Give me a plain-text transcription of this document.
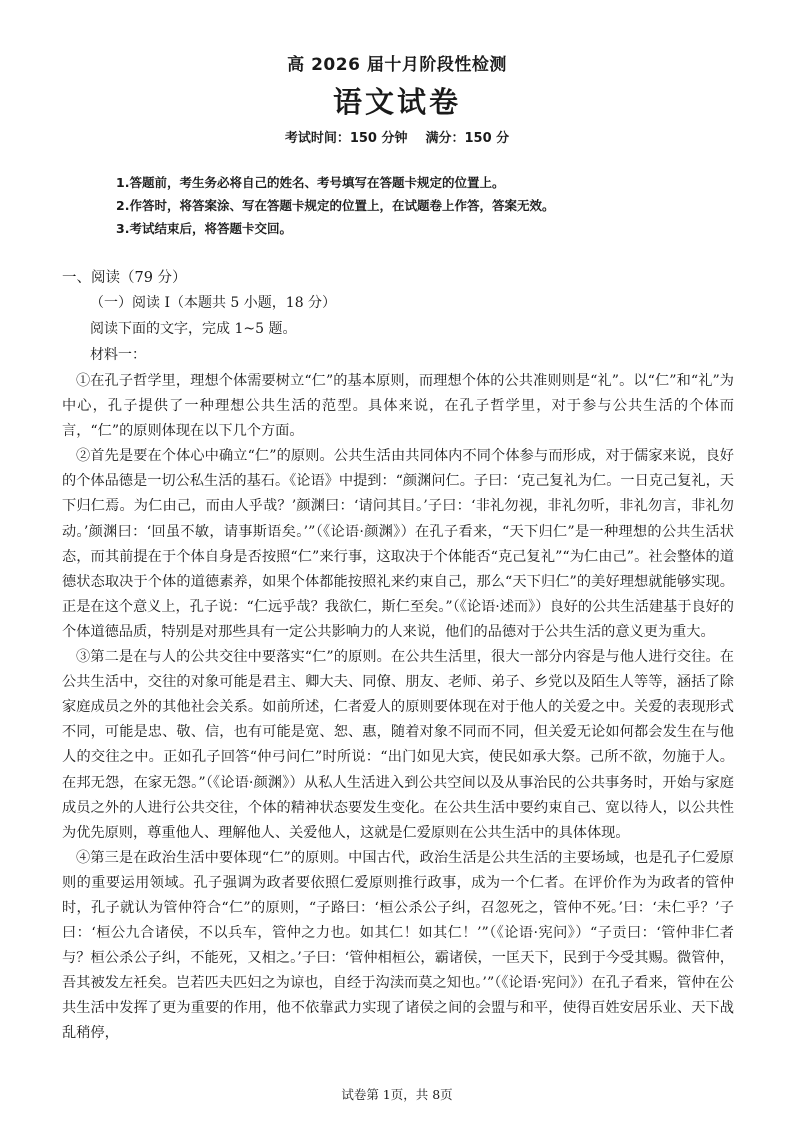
高 2026 届十月阶段性检测
语文试卷
考试时间：150 分钟 满分：150 分
1.答题前，考生务必将自己的姓名、考号填写在答题卡规定的位置上。
2.作答时，将答案涂、写在答题卡规定的位置上，在试题卷上作答，答案无效。
3.考试结束后，将答题卡交回。
一、阅读（79 分）
（一）阅读 I（本题共 5 小题，18 分）
阅读下面的文字，完成 1~5 题。
材料一：

①在孔子哲学里，理想个体需要树立“仁”的基本原则，而理想个体的公共准则则是“礼”。以“仁”和“礼”为中心，孔子提供了一种理想公共生活的范型。具体来说，在孔子哲学里，对于参与公共生活的个体而言，“仁”的原则体现在以下几个方面。

②首先是要在个体心中确立“仁”的原则。公共生活由共同体内不同个体参与而形成，对于儒家来说，良好的个体品德是一切公私生活的基石。《论语》中提到：“颜渊问仁。子曰：‘克己复礼为仁。一日克己复礼，天下归仁焉。为仁由己，而由人乎哉？’颜渊曰：‘请问其目。’子曰：‘非礼勿视，非礼勿听，非礼勿言，非礼勿动。’颜渊曰：‘回虽不敏，请事斯语矣。’”（《论语·颜渊》）在孔子看来，“天下归仁”是一种理想的公共生活状态，而其前提在于个体自身是否按照“仁”来行事，这取决于个体能否“克己复礼”“为仁由己”。社会整体的道德状态取决于个体的道德素养，如果个体都能按照礼来约束自己，那么“天下归仁”的美好理想就能够实现。正是在这个意义上，孔子说：“仁远乎哉？我欲仁，斯仁至矣。”（《论语·述而》）良好的公共生活建基于良好的个体道德品质，特别是对那些具有一定公共影响力的人来说，他们的品德对于公共生活的意义更为重大。

③第二是在与人的公共交往中要落实“仁”的原则。在公共生活里，很大一部分内容是与他人进行交往。在公共生活中，交往的对象可能是君主、卿大夫、同僚、朋友、老师、弟子、乡党以及陌生人等等，涵括了除家庭成员之外的其他社会关系。如前所述，仁者爱人的原则要体现在对于他人的关爱之中。关爱的表现形式不同，可能是忠、敬、信，也有可能是宽、恕、惠，随着对象不同而不同，但关爱无论如何都会发生在与他人的交往之中。正如孔子回答“仲弓问仁”时所说：“出门如见大宾，使民如承大祭。己所不欲，勿施于人。在邦无怨，在家无怨。”（《论语·颜渊》）从私人生活进入到公共空间以及从事治民的公共事务时，开始与家庭成员之外的人进行公共交往，个体的精神状态要发生变化。在公共生活中要约束自己、宽以待人，以公共性为优先原则，尊重他人、理解他人、关爱他人，这就是仁爱原则在公共生活中的具体体现。

④第三是在政治生活中要体现“仁”的原则。中国古代，政治生活是公共生活的主要场域，也是孔子仁爱原则的重要运用领域。孔子强调为政者要依照仁爱原则推行政事，成为一个仁者。在评价作为为政者的管仲时，孔子就认为管仲符合“仁”的原则，“子路曰：‘桓公杀公子纠，召忽死之，管仲不死。’曰：‘未仁乎？’子曰：‘桓公九合诸侯，不以兵车，管仲之力也。如其仁！如其仁！’”（《论语·宪问》）“子贡曰：‘管仲非仁者与？桓公杀公子纠，不能死，又相之。’子曰：‘管仲相桓公，霸诸侯，一匡天下，民到于今受其赐。微管仲，吾其被发左衽矣。岂若匹夫匹妇之为谅也，自经于沟渎而莫之知也。’”（《论语·宪问》）在孔子看来，管仲在公共生活中发挥了更为重要的作用，他不依靠武力实现了诸侯之间的会盟与和平，使得百姓安居乐业、天下战乱稍停，

试卷第 1页，共 8页
